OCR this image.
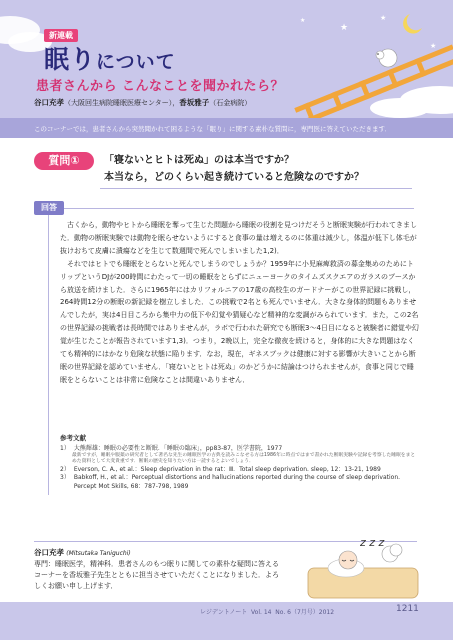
★
★
★
★
新連載
眠りについて
患者さんから こんなことを聞かれたら？
谷口充孝（大阪回生病院睡眠医療センター），香坂雅子（石金病院）
このコーナーでは，患者さんから突然聞かれて困るような「眠り」に関する素朴な質問に，専門医に答えていただきます．
質問①	「寝ないとヒトは死ぬ」のは本当ですか？
本当なら，どのくらい起き続けていると危険なのですか？
回答

古くから，動物やヒトから睡眠を奪って生じた問題から睡眠の役割を見つけだそうと断眠実験が行われてきました．動物の断眠実験では動物を眠らせないようにすると食事の量は増えるのに体重は減少し，体温が低下し体毛が抜けおちて皮膚に潰瘍などを生じて数週間で死んでしまいました1,2)．

それではヒトでも睡眠をとらないと死んでしまうのでしょうか？1959年に小児麻痺救済の募金集めのためにトリップというDJが200時間にわたって一切の睡眠をとらずにニューヨークのタイムズスクエアのガラスのブースから放送を続けました．さらに1965年にはカリフォルニアの17歳の高校生のガードナーがこの世界記録に挑戦し，264時間12分の断眠の新記録を樹立しました．この挑戦で2名とも死んでいません．大きな身体的問題もありませんでしたが，実は4日目ころから集中力の低下や幻覚や猜疑心など精神的な変調がみられています．また，この2名の世界記録の挑戦者は長時間ではありませんが，ラボで行われた研究でも断眠3〜4日目になると被験者に錯覚や幻覚が生じたことが報告されています1,3)．つまり，2晩以上，完全な徹夜を続けると，身体的に大きな問題はなくても精神的にはかなり危険な状態に陥ります．なお，現在，ギネスブックは健康に対する影響が大きいことから断眠の世界記録を認めていません．「寝ないとヒトは死ぬ」のかどうかに結論はつけられませんが，食事と同じで睡眠をとらないことは非常に危険なことは間違いありません．

参考文献
1） 大熊輝雄：睡眠の必要性と断眠．「睡眠の臨床」，pp83-87，医学書院，1977
最新ですが，睡眠や服薬の研究者として著名な先生の睡眠医学の古典を読みこなせる方は1986年に時点ではまで書かれた断眠実験や記録を考察した睡眠をまとめた資料として大変貴重です．断眠の歴史を知りたい方は一読するとよいでしょう．
2） Everson, C. A., et al.：Sleep deprivation in the rat：Ⅲ．Total sleep deprivation. sleep, 12：13-21, 1989
3） Babkoff, H., et al.：Perceptual distortions and hallucinations reported during the course of sleep deprivation. Percept Mot Skills, 68：787-798, 1989
谷口充孝 (Mitsutaka Taniguchi)
専門：睡眠医学，精神科．患者さんのもつ眠りに関しての素朴な疑問に答えるコーナーを香坂雅子先生とともに担当させていただくことになりました．よろしくお願い申し上げます．
z z z
レジデントノート Vol. 14 No. 6（7月号）2012	1211
